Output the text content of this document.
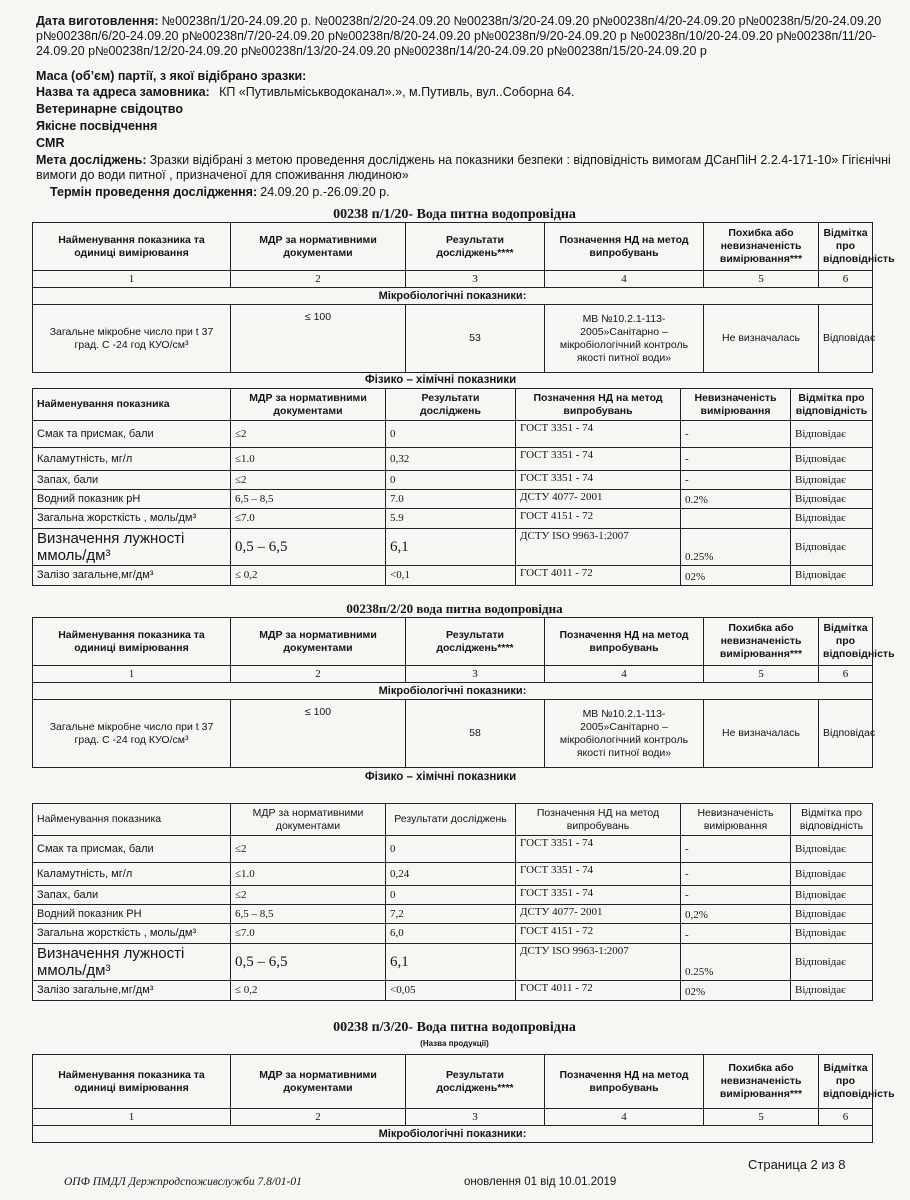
Дата виготовлення: №00238п/1/20-24.09.20 р. №00238п/2/20-24.09.20 №00238п/3/20-24.09.20 р№00238п/4/20-24.09.20 р№00238п/5/20-24.09.20 р№00238п/6/20-24.09.20 р№00238п/7/20-24.09.20 р№00238п/8/20-24.09.20 р№00238п/9/20-24.09.20 р №00238п/10/20-24.09.20 р№00238п/11/20-24.09.20 р№00238п/12/20-24.09.20 р№00238п/13/20-24.09.20 р№00238п/14/20-24.09.20 р№00238п/15/20-24.09.20 р
Маса (об’єм) партії, з якої відібрано зразки:
Назва та адреса замовника: КП «Путивльміськводоканал».», м.Путивль, вул..Соборна 64.
Ветеринарне свідоцтво
Якісне посвідчення
CMR
Мета досліджень: Зразки відібрані з метою проведення досліджень на показники безпеки : відповідність вимогам ДСанПіН 2.2.4-171-10» Гігієнічні вимоги до води питної , призначеної для споживання людиною»
Термін проведення дослідження: 24.09.20 р.-26.09.20 р.
00238 п/1/20- Вода питна водопровідна
Найменування показника та одиниці вимірювання	МДР за нормативними документами	Результати досліджень****	Позначення НД на метод випробувань	Похибка або невизначеність вимірювання***	Відмітка про відповідність
1	2	3	4	5	6
Мікробіологічні показники:					
Загальне мікробне число при t 37 град. С -24 год КУО/см³	≤ 100	53	МВ №10.2.1-113-2005»Санітарно – мікробіологічний контроль якості питної води»	Не визначалась	Відповідає
Фізико – хімічні показники
Найменування показника	МДР за нормативними документами	Результати досліджень	Позначення НД на метод випробувань	Невизначеність вимірювання	Відмітка про відповідність
Смак та присмак, бали	≤2	0	ГОСТ 3351 - 74	-	Відповідає
Каламутність, мг/л	≤1.0	0,32	ГОСТ 3351 - 74	-	Відповідає
Запах, бали	≤2	0	ГОСТ 3351 - 74	-	Відповідає
Водний показник pH	6,5 – 8,5	7.0	ДСТУ 4077- 2001	0.2%	Відповідає
Загальна жорсткість , моль/дм³	≤7.0	5.9	ГОСТ 4151 - 72		Відповідає
Визначення лужності ммоль/дм³	0,5 – 6,5	6,1	ДСТУ ISO 9963-1:2007	0.25%	Відповідає
Залізо загальне,мг/дм³	≤ 0,2	<0,1	ГОСТ 4011 - 72	02%	Відповідає
00238п/2/20 вода питна водопровідна
Найменування показника та одиниці вимірювання	МДР за нормативними документами	Результати досліджень****	Позначення НД на метод випробувань	Похибка або невизначеність вимірювання***	Відмітка про відповідність
1	2	3	4	5	6
Мікробіологічні показники:					
Загальне мікробне число при t 37 град. С -24 год КУО/см³	≤ 100	58	МВ №10.2.1-113-2005»Санітарно – мікробіологічний контроль якості питної води»	Не визначалась	Відповідає
Фізико – хімічні показники
Найменування показника	МДР за нормативними документами	Результати досліджень	Позначення НД на метод випробувань	Невизначеність вимірювання	Відмітка про відповідність
Смак та присмак, бали	≤2	0	ГОСТ 3351 - 74	-	Відповідає
Каламутність, мг/л	≤1.0	0,24	ГОСТ 3351 - 74	-	Відповідає
Запах, бали	≤2	0	ГОСТ 3351 - 74	-	Відповідає
Водний показник PH	6,5 – 8,5	7,2	ДСТУ 4077- 2001	0,2%	Відповідає
Загальна жорсткість , моль/дм³	≤7.0	6,0	ГОСТ 4151 - 72	-	Відповідає
Визначення лужності ммоль/дм³	0,5 – 6,5	6,1	ДСТУ ISO 9963-1:2007	0.25%	Відповідає
Залізо загальне,мг/дм³	≤ 0,2	<0,05	ГОСТ 4011 - 72	02%	Відповідає
00238 п/3/20- Вода питна водопровідна
(Назва продукції)
Найменування показника та одиниці вимірювання	МДР за нормативними документами	Результати досліджень****	Позначення НД на метод випробувань	Похибка або невизначеність вимірювання***	Відмітка про відповідність
1	2	3	4	5	6
Мікробіологічні показники:					
Страница 2 из 8
ОПФ ПМДЛ Держпродспоживслужби 7.8/01-01	оновлення 01 від 10.01.2019
